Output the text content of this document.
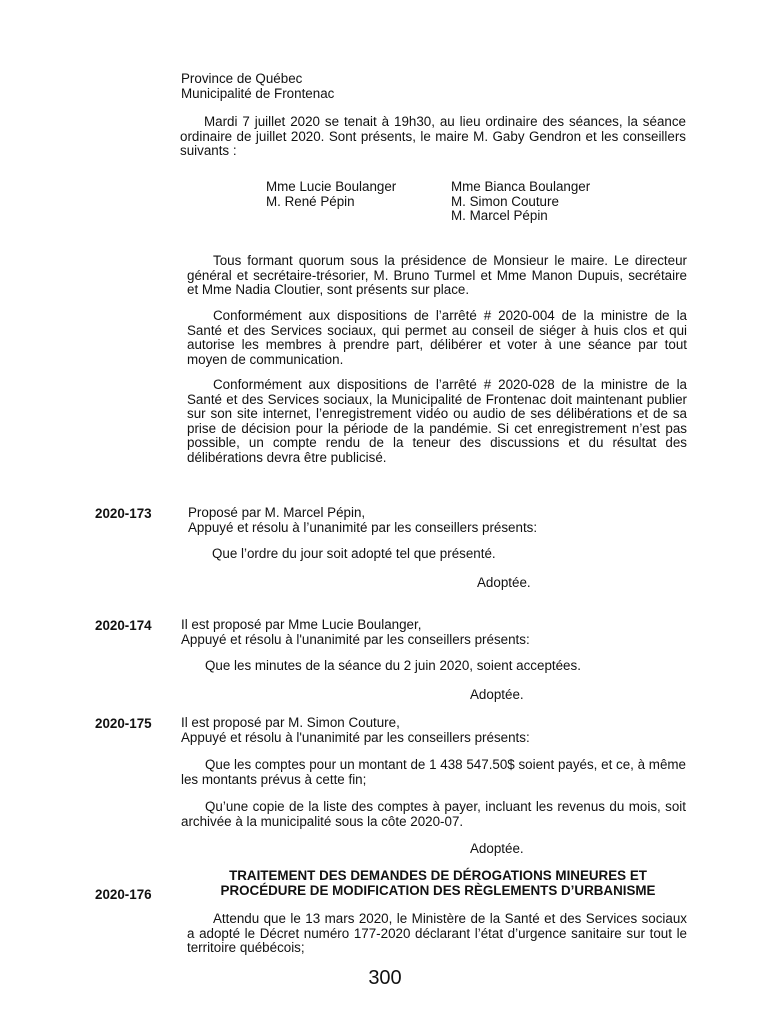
Province de Québec
Municipalité de Frontenac
Mardi 7 juillet 2020 se tenait à 19h30, au lieu ordinaire des séances, la séance ordinaire de juillet 2020. Sont présents, le maire M. Gaby Gendron et les conseillers suivants :
Mme Lucie Boulanger
M. René Pépin
Mme Bianca Boulanger
M. Simon Couture
M. Marcel Pépin
Tous formant quorum sous la présidence de Monsieur le maire. Le directeur général et secrétaire-trésorier, M. Bruno Turmel et Mme Manon Dupuis, secrétaire et Mme Nadia Cloutier, sont présents sur place.
Conformément aux dispositions de l’arrêté # 2020-004 de la ministre de la Santé et des Services sociaux, qui permet au conseil de siéger à huis clos et qui autorise les membres à prendre part, délibérer et voter à une séance par tout moyen de communication.
Conformément aux dispositions de l’arrêté # 2020-028 de la ministre de la Santé et des Services sociaux, la Municipalité de Frontenac doit maintenant publier sur son site internet, l’enregistrement vidéo ou audio de ses délibérations et de sa prise de décision pour la période de la pandémie. Si cet enregistrement n’est pas possible, un compte rendu de la teneur des discussions et du résultat des délibérations devra être publicisé.
2020-173	Proposé par M. Marcel Pépin,
Appuyé et résolu à l’unanimité par les conseillers présents:
Que l’ordre du jour soit adopté tel que présenté.
Adoptée.
2020-174 Il est proposé par Mme Lucie Boulanger,
Appuyé et résolu à l'unanimité par les conseillers présents:
Que les minutes de la séance du 2 juin 2020, soient acceptées.
Adoptée.
2020-175 Il est proposé par M. Simon Couture,
Appuyé et résolu à l'unanimité par les conseillers présents:
Que les comptes pour un montant de 1 438 547.50$ soient payés, et ce, à même les montants prévus à cette fin;
Qu’une copie de la liste des comptes à payer, incluant les revenus du mois, soit archivée à la municipalité sous la côte 2020-07.
Adoptée.
TRAITEMENT DES DEMANDES DE DÉROGATIONS MINEURES ET
PROCÉDURE DE MODIFICATION DES RÈGLEMENTS D’URBANISME
2020-176
Attendu que le 13 mars 2020, le Ministère de la Santé et des Services sociaux a adopté le Décret numéro 177-2020 déclarant l’état d’urgence sanitaire sur tout le territoire québécois;
300
